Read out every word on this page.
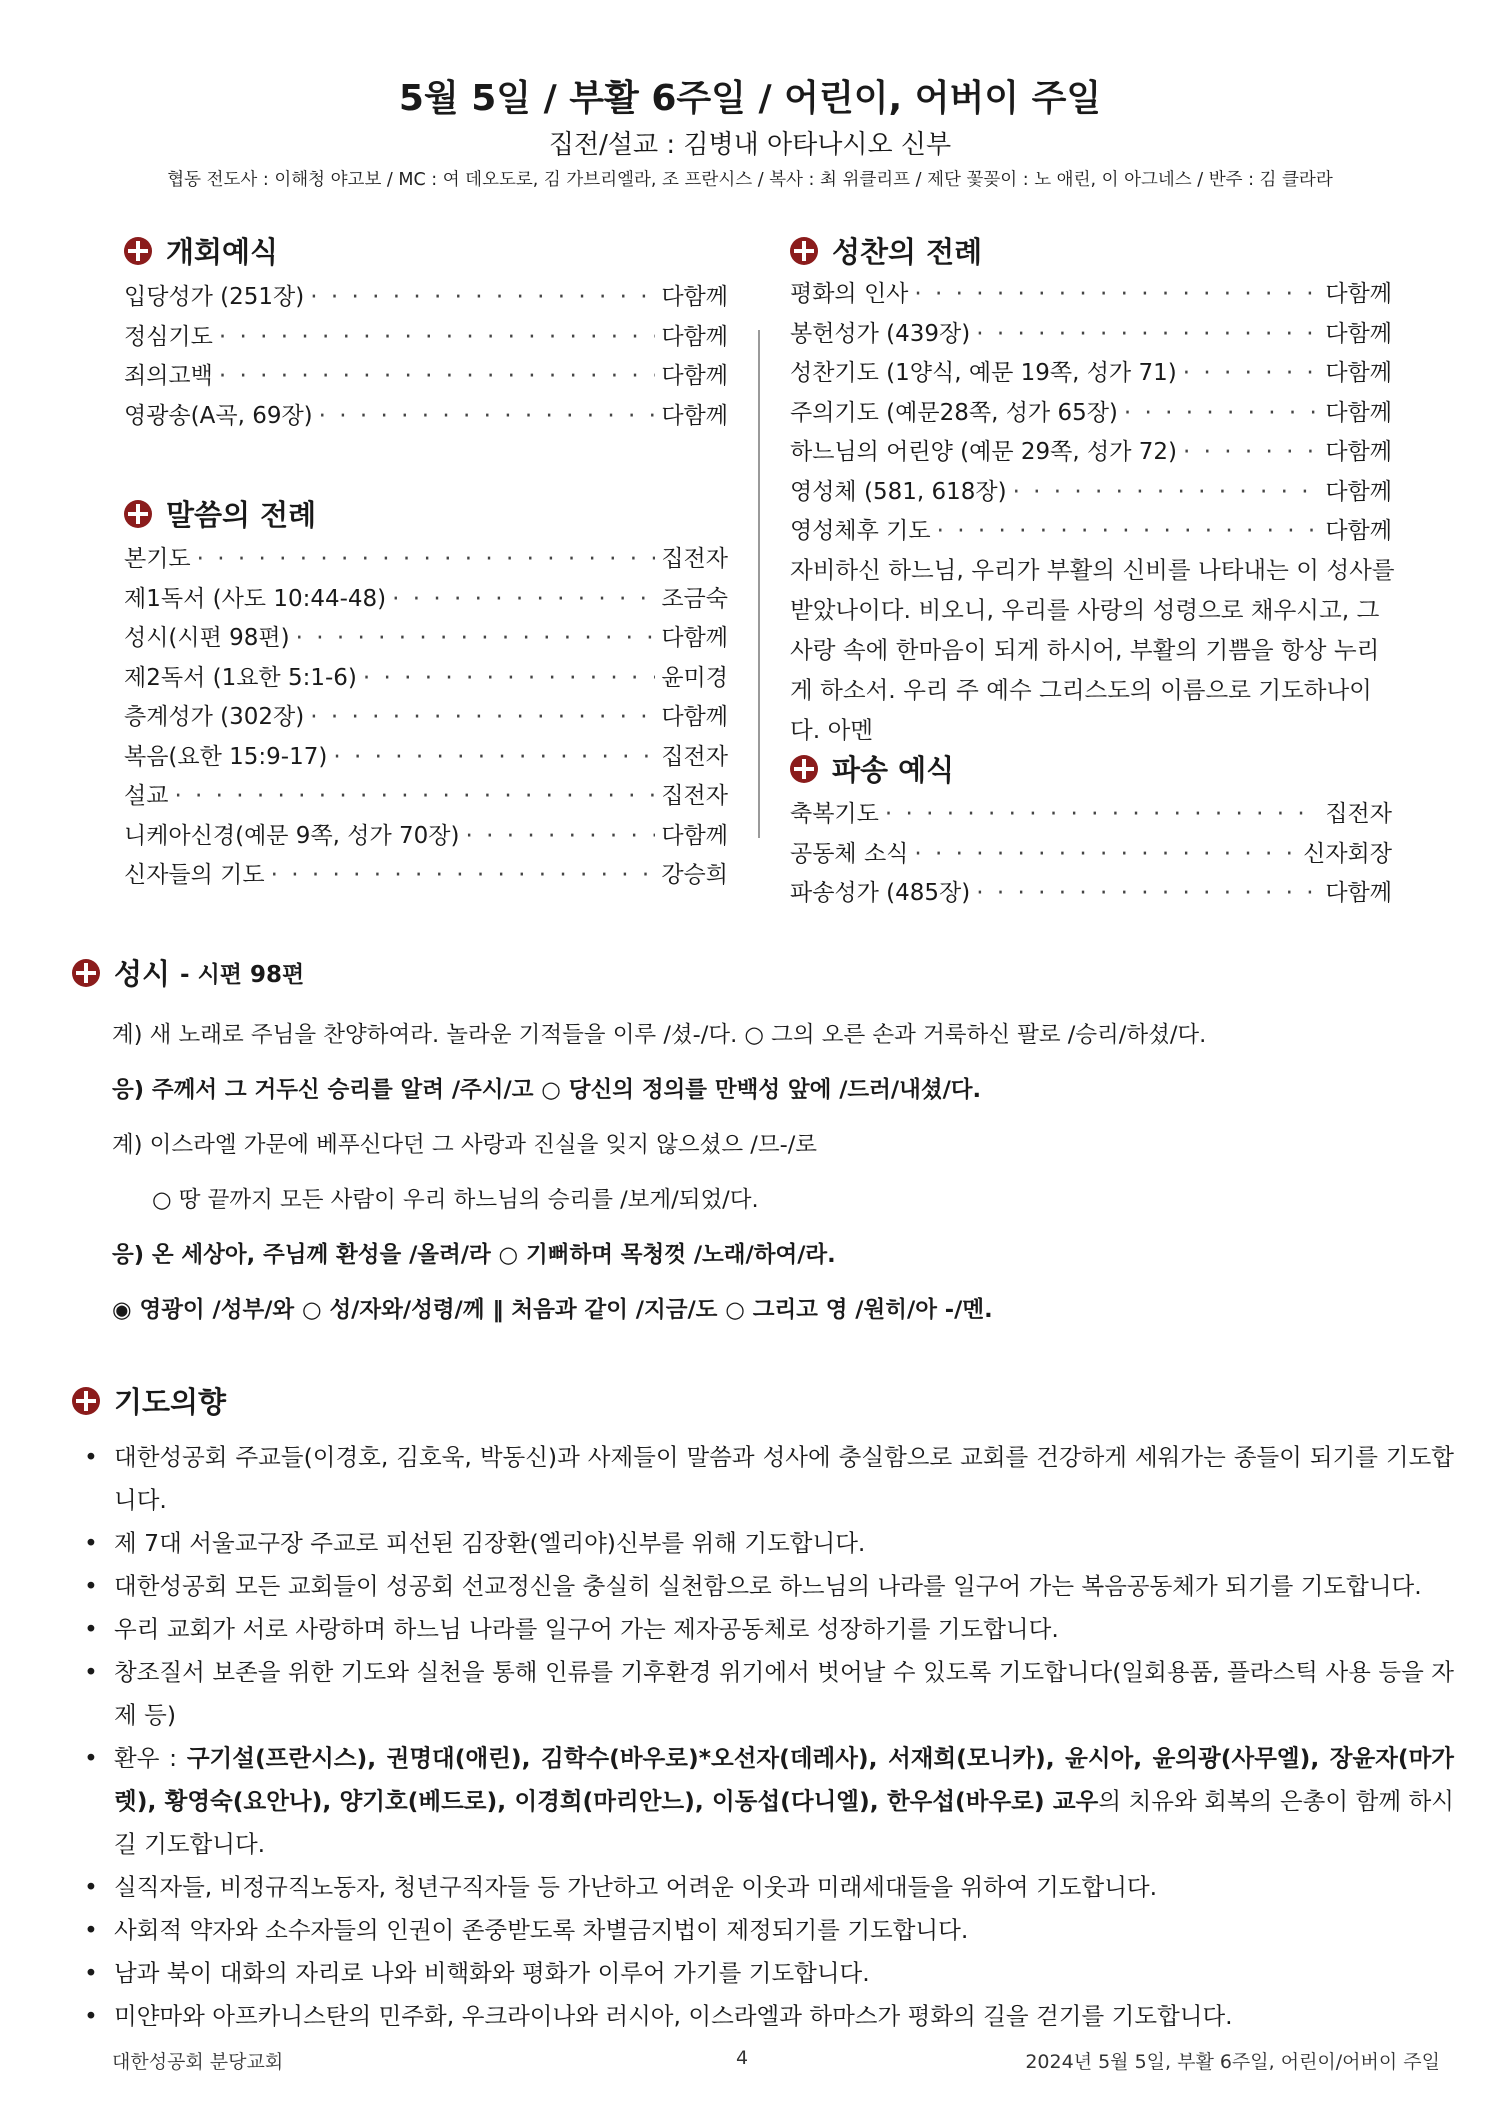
5월 5일 / 부활 6주일 / 어린이, 어버이 주일
집전/설교 : 김병내 아타나시오 신부
협동 전도사 : 이해청 야고보 / MC : 여 데오도로, 김 가브리엘라, 조 프란시스 / 복사 : 최 위클리프 / 제단 꽃꽂이 : 노 애린, 이 아그네스 / 반주 : 김 클라라
개회예식
입당성가 (251장) · · ·	다함께
정심기도 · · ·	다함께
죄의고백 · · ·	다함께
영광송(A곡, 69장) · · ·	다함께
말씀의 전례
본기도 · · ·	집전자
제1독서 (사도 10:44-48) · · ·	조금숙
성시(시편 98편) · · ·	다함께
제2독서 (1요한 5:1-6) · · ·	윤미경
층계성가 (302장) · · ·	다함께
복음(요한 15:9-17) · · ·	집전자
설교 · · ·	집전자
니케아신경(예문 9쪽, 성가 70장) · · ·	다함께
신자들의 기도 · · ·	강승희
성찬의 전례
평화의 인사 · · ·	다함께
봉헌성가 (439장) · · ·	다함께
성찬기도 (1양식, 예문 19쪽, 성가 71) · · ·	다함께
주의기도 (예문28쪽, 성가 65장) · · ·	다함께
하느님의 어린양 (예문 29쪽, 성가 72) · · ·	다함께
영성체 (581, 618장) · · ·	다함께
영성체후 기도 · · ·	다함께
자비하신 하느님, 우리가 부활의 신비를 나타내는 이 성사를 받았나이다. 비오니, 우리를 사랑의 성령으로 채우시고, 그 사랑 속에 한마음이 되게 하시어, 부활의 기쁨을 항상 누리게 하소서. 우리 주 예수 그리스도의 이름으로 기도하나이다. 아멘
파송 예식
축복기도 · · ·	집전자
공동체 소식 · · ·	신자회장
파송성가 (485장) · · ·	다함께
성시 - 시편 98편
계) 새 노래로 주님을 찬양하여라. 놀라운 기적들을 이루 /셨-/다. ○ 그의 오른 손과 거룩하신 팔로 /승리/하셨/다.
응) 주께서 그 거두신 승리를 알려 /주시/고 ○ 당신의 정의를 만백성 앞에 /드러/내셨/다.
계) 이스라엘 가문에 베푸신다던 그 사랑과 진실을 잊지 않으셨으 /므-/로
○ 땅 끝까지 모든 사람이 우리 하느님의 승리를 /보게/되었/다.
응) 온 세상아, 주님께 환성을 /올려/라 ○ 기뻐하며 목청껏 /노래/하여/라.
◉ 영광이 /성부/와 ○ 성/자와/성령/께 ‖ 처음과 같이 /지금/도 ○ 그리고 영 /원히/아 -/멘.
기도의향
• 대한성공회 주교들(이경호, 김호욱, 박동신)과 사제들이 말씀과 성사에 충실함으로 교회를 건강하게 세워가는 종들이 되기를 기도합니다.
• 제 7대 서울교구장 주교로 피선된 김장환(엘리야)신부를 위해 기도합니다.
• 대한성공회 모든 교회들이 성공회 선교정신을 충실히 실천함으로 하느님의 나라를 일구어 가는 복음공동체가 되기를 기도합니다.
• 우리 교회가 서로 사랑하며 하느님 나라를 일구어 가는 제자공동체로 성장하기를 기도합니다.
• 창조질서 보존을 위한 기도와 실천을 통해 인류를 기후환경 위기에서 벗어날 수 있도록 기도합니다(일회용품, 플라스틱 사용 등을 자제 등)
• 환우 : 구기설(프란시스), 권명대(애린), 김학수(바우로)*오선자(데레사), 서재희(모니카), 윤시아, 윤의광(사무엘), 장윤자(마가렛), 황영숙(요안나), 양기호(베드로), 이경희(마리안느), 이동섭(다니엘), 한우섭(바우로) 교우의 치유와 회복의 은총이 함께 하시길 기도합니다.
• 실직자들, 비정규직노동자, 청년구직자들 등 가난하고 어려운 이웃과 미래세대들을 위하여 기도합니다.
• 사회적 약자와 소수자들의 인권이 존중받도록 차별금지법이 제정되기를 기도합니다.
• 남과 북이 대화의 자리로 나와 비핵화와 평화가 이루어 가기를 기도합니다.
• 미얀마와 아프카니스탄의 민주화, 우크라이나와 러시아, 이스라엘과 하마스가 평화의 길을 걷기를 기도합니다.
대한성공회 분당교회	4	2024년 5월 5일, 부활 6주일, 어린이/어버이 주일
